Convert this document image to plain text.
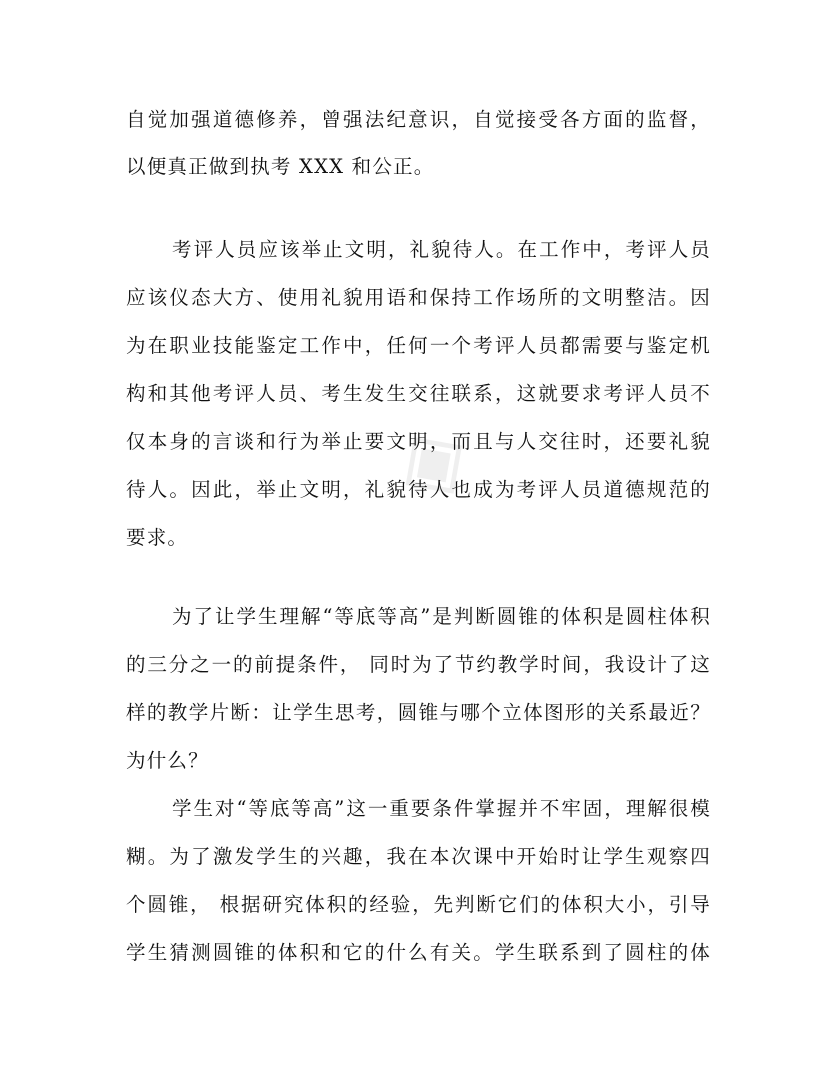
◈
自觉加强道德修养，曾强法纪意识，自觉接受各方面的监督，
以便真正做到执考 XXX 和公正。
考评人员应该举止文明，礼貌待人。在工作中，考评人员
应该仪态大方、使用礼貌用语和保持工作场所的文明整洁。因
为在职业技能鉴定工作中，任何一个考评人员都需要与鉴定机
构和其他考评人员、考生发生交往联系，这就要求考评人员不
仅本身的言谈和行为举止要文明，而且与人交往时，还要礼貌
待人。因此，举止文明，礼貌待人也成为考评人员道德规范的
要求。
为了让学生理解“等底等高”是判断圆锥的体积是圆柱体积
的三分之一的前提条件， 同时为了节约教学时间，我设计了这
样的教学片断：让学生思考，圆锥与哪个立体图形的关系最近？
为什么？
学生对“等底等高”这一重要条件掌握并不牢固，理解很模
糊。为了激发学生的兴趣，我在本次课中开始时让学生观察四
个圆锥， 根据研究体积的经验，先判断它们的体积大小，引导
学生猜测圆锥的体积和它的什么有关。学生联系到了圆柱的体
